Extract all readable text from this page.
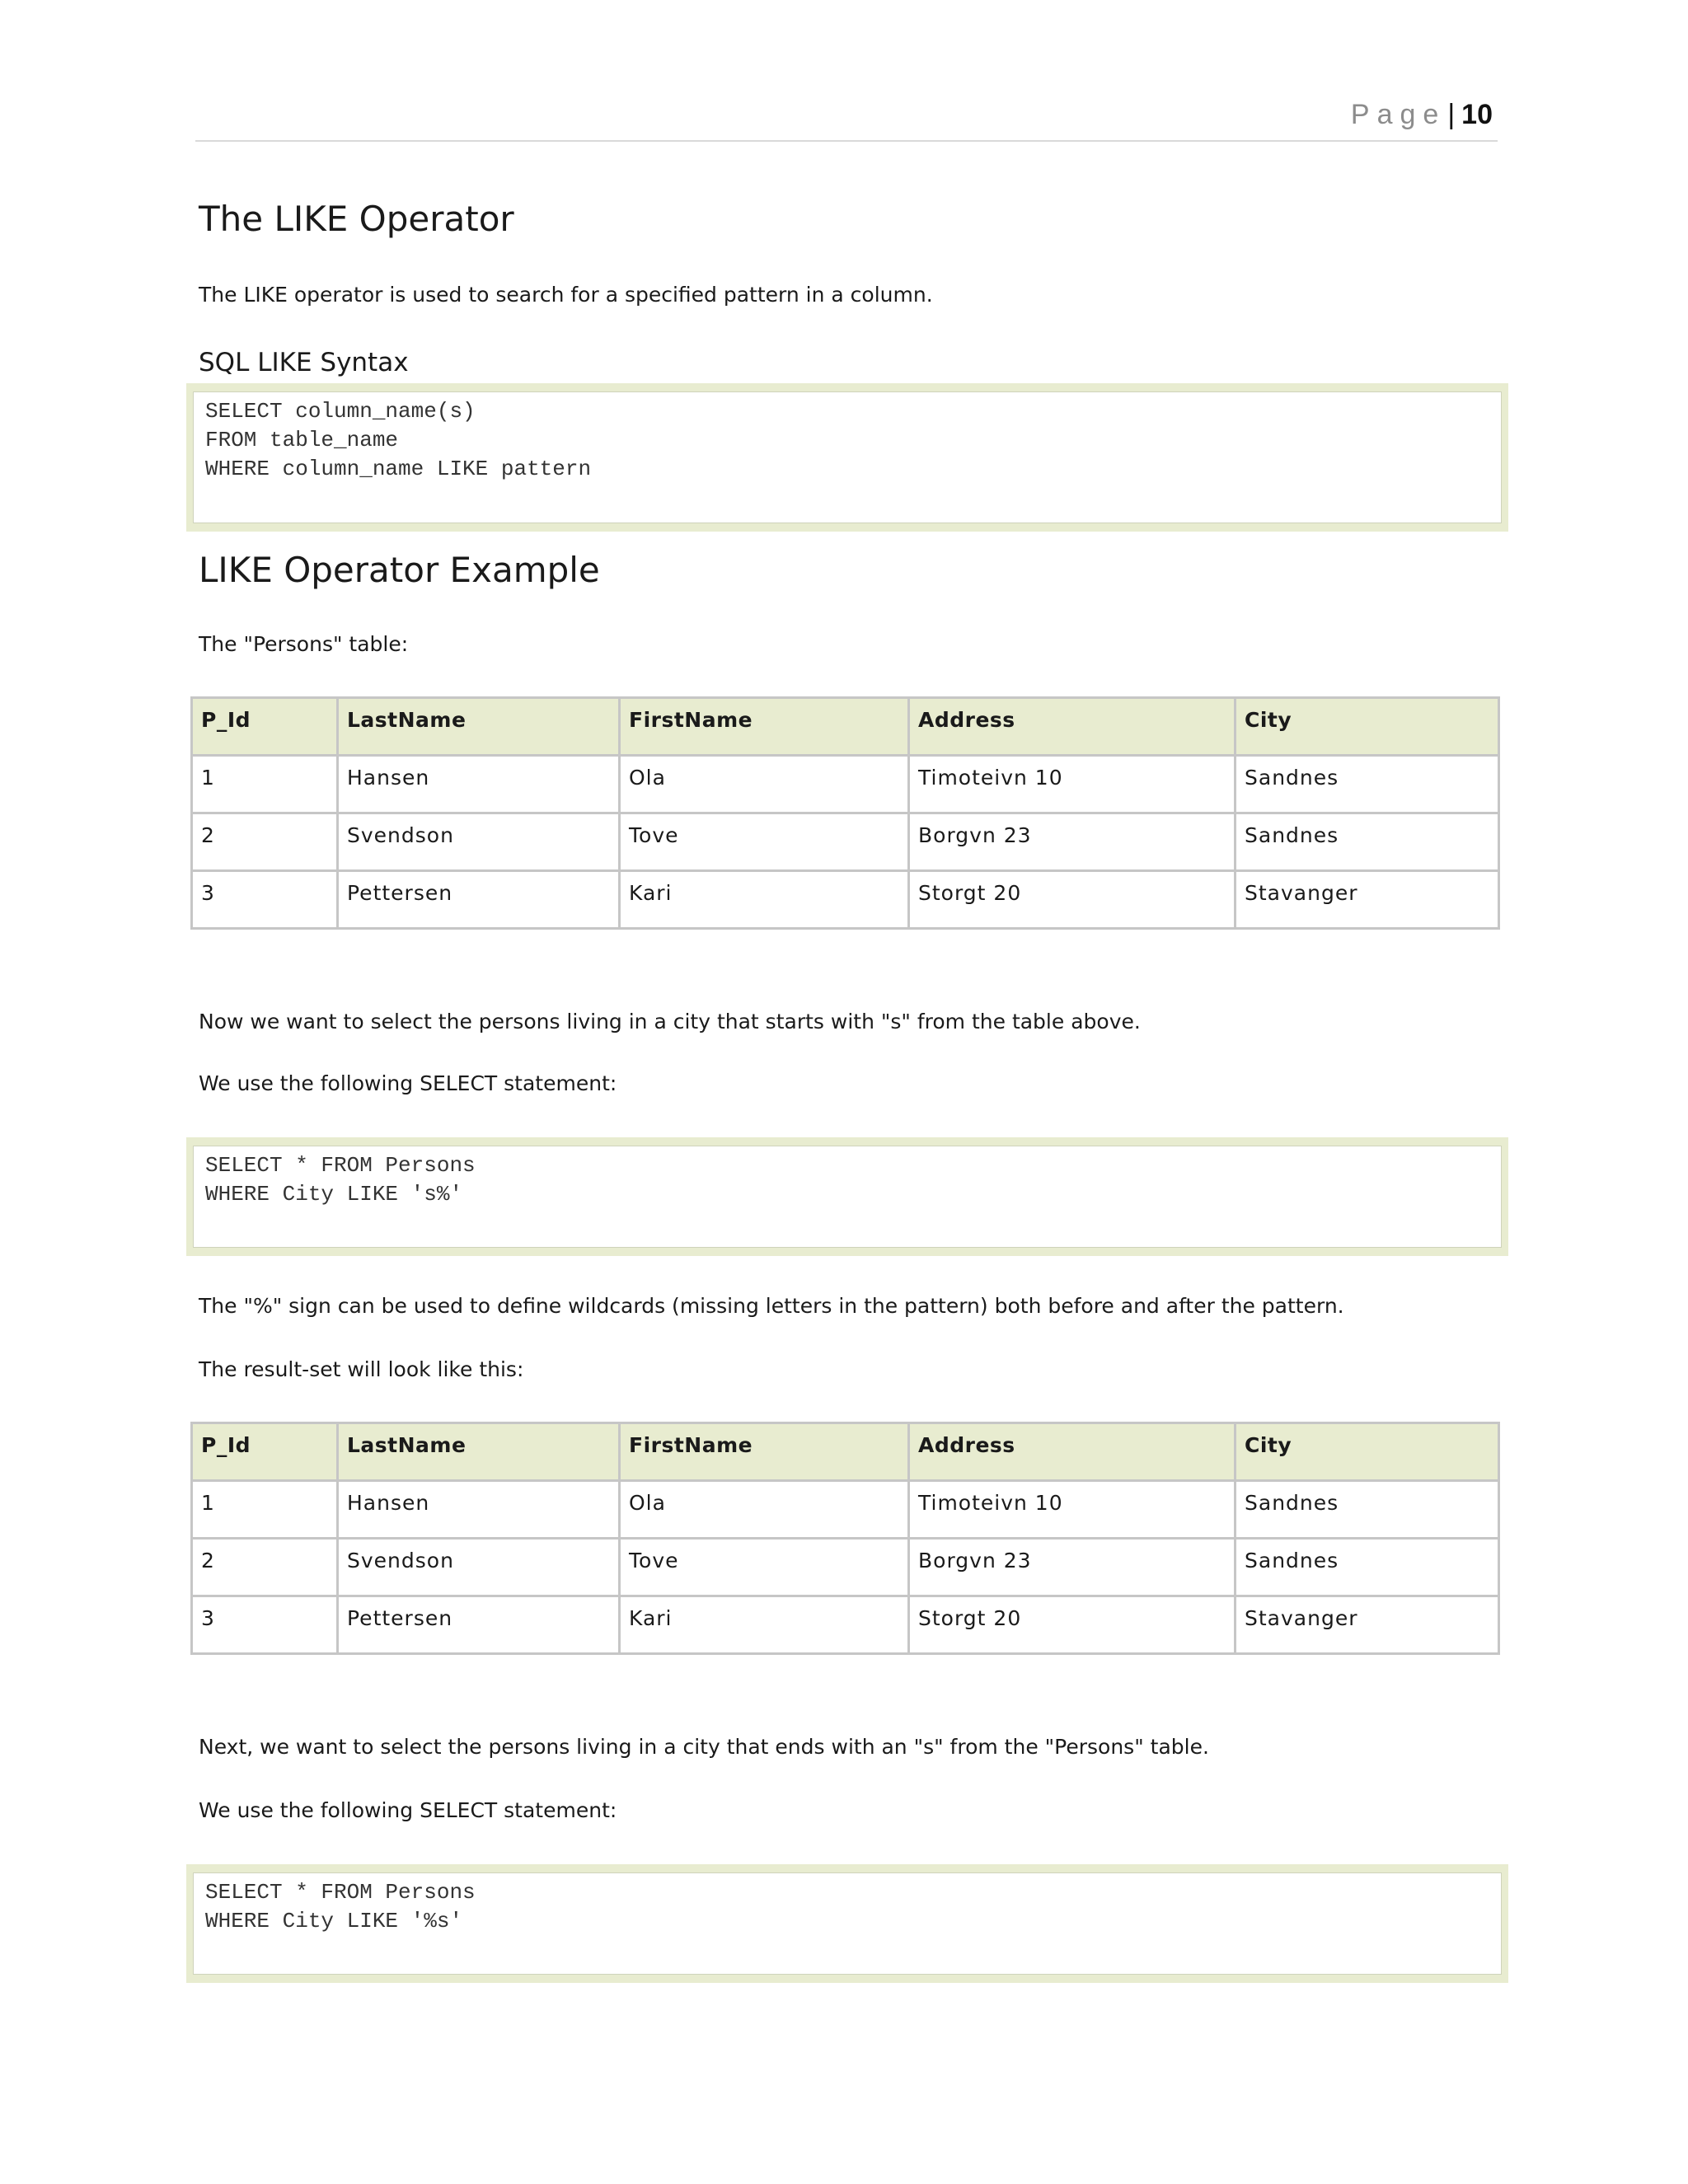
Page| 10
The LIKE Operator

The LIKE operator is used to search for a specified pattern in a column.

SQL LIKE Syntax
SELECT column_name(s)
FROM table_name
WHERE column_name LIKE pattern
LIKE Operator Example

The "Persons" table:

P_Id	LastName	FirstName	Address	City
1	Hansen	Ola	Timoteivn 10	Sandnes
2	Svendson	Tove	Borgvn 23	Sandnes
3	Pettersen	Kari	Storgt 20	Stavanger

Now we want to select the persons living in a city that starts with "s" from the table above.

We use the following SELECT statement:

SELECT * FROM Persons
WHERE City LIKE 's%'

The "%" sign can be used to define wildcards (missing letters in the pattern) both before and after the pattern.

The result-set will look like this:

P_Id	LastName	FirstName	Address	City
1	Hansen	Ola	Timoteivn 10	Sandnes
2	Svendson	Tove	Borgvn 23	Sandnes
3	Pettersen	Kari	Storgt 20	Stavanger

Next, we want to select the persons living in a city that ends with an "s" from the "Persons" table.

We use the following SELECT statement:

SELECT * FROM Persons
WHERE City LIKE '%s'
